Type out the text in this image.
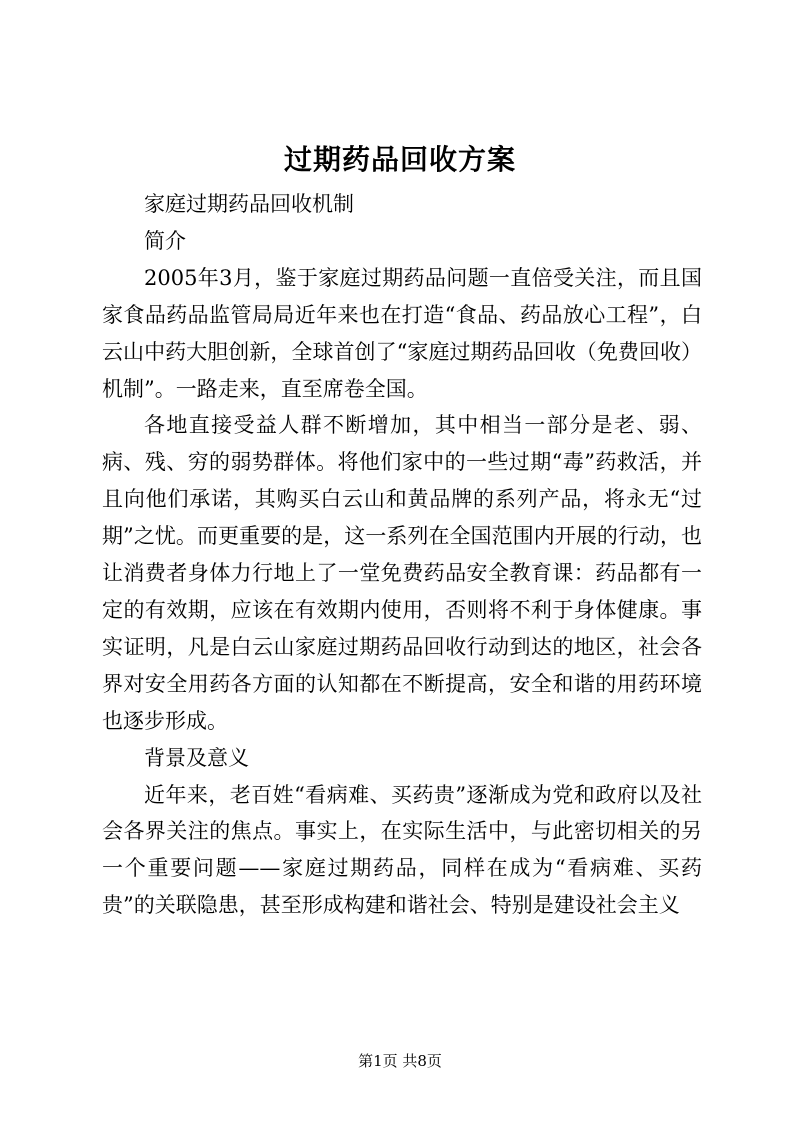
过期药品回收方案

家庭过期药品回收机制

简介

2005年3月，鉴于家庭过期药品问题一直倍受关注，而且国家食品药品监管局局近年来也在打造“食品、药品放心工程”，白云山中药大胆创新，全球首创了“家庭过期药品回收（免费回收）机制”。一路走来，直至席卷全国。

各地直接受益人群不断增加，其中相当一部分是老、弱、病、残、穷的弱势群体。将他们家中的一些过期“毒”药救活，并且向他们承诺，其购买白云山和黄品牌的系列产品，将永无“过期”之忧。而更重要的是，这一系列在全国范围内开展的行动，也让消费者身体力行地上了一堂免费药品安全教育课：药品都有一定的有效期，应该在有效期内使用，否则将不利于身体健康。事实证明，凡是白云山家庭过期药品回收行动到达的地区，社会各界对安全用药各方面的认知都在不断提高，安全和谐的用药环境也逐步形成。

背景及意义

近年来，老百姓“看病难、买药贵”逐渐成为党和政府以及社会各界关注的焦点。事实上，在实际生活中，与此密切相关的另一个重要问题——家庭过期药品，同样在成为“看病难、买药贵”的关联隐患，甚至形成构建和谐社会、特别是建设社会主义

第1页 共8页
